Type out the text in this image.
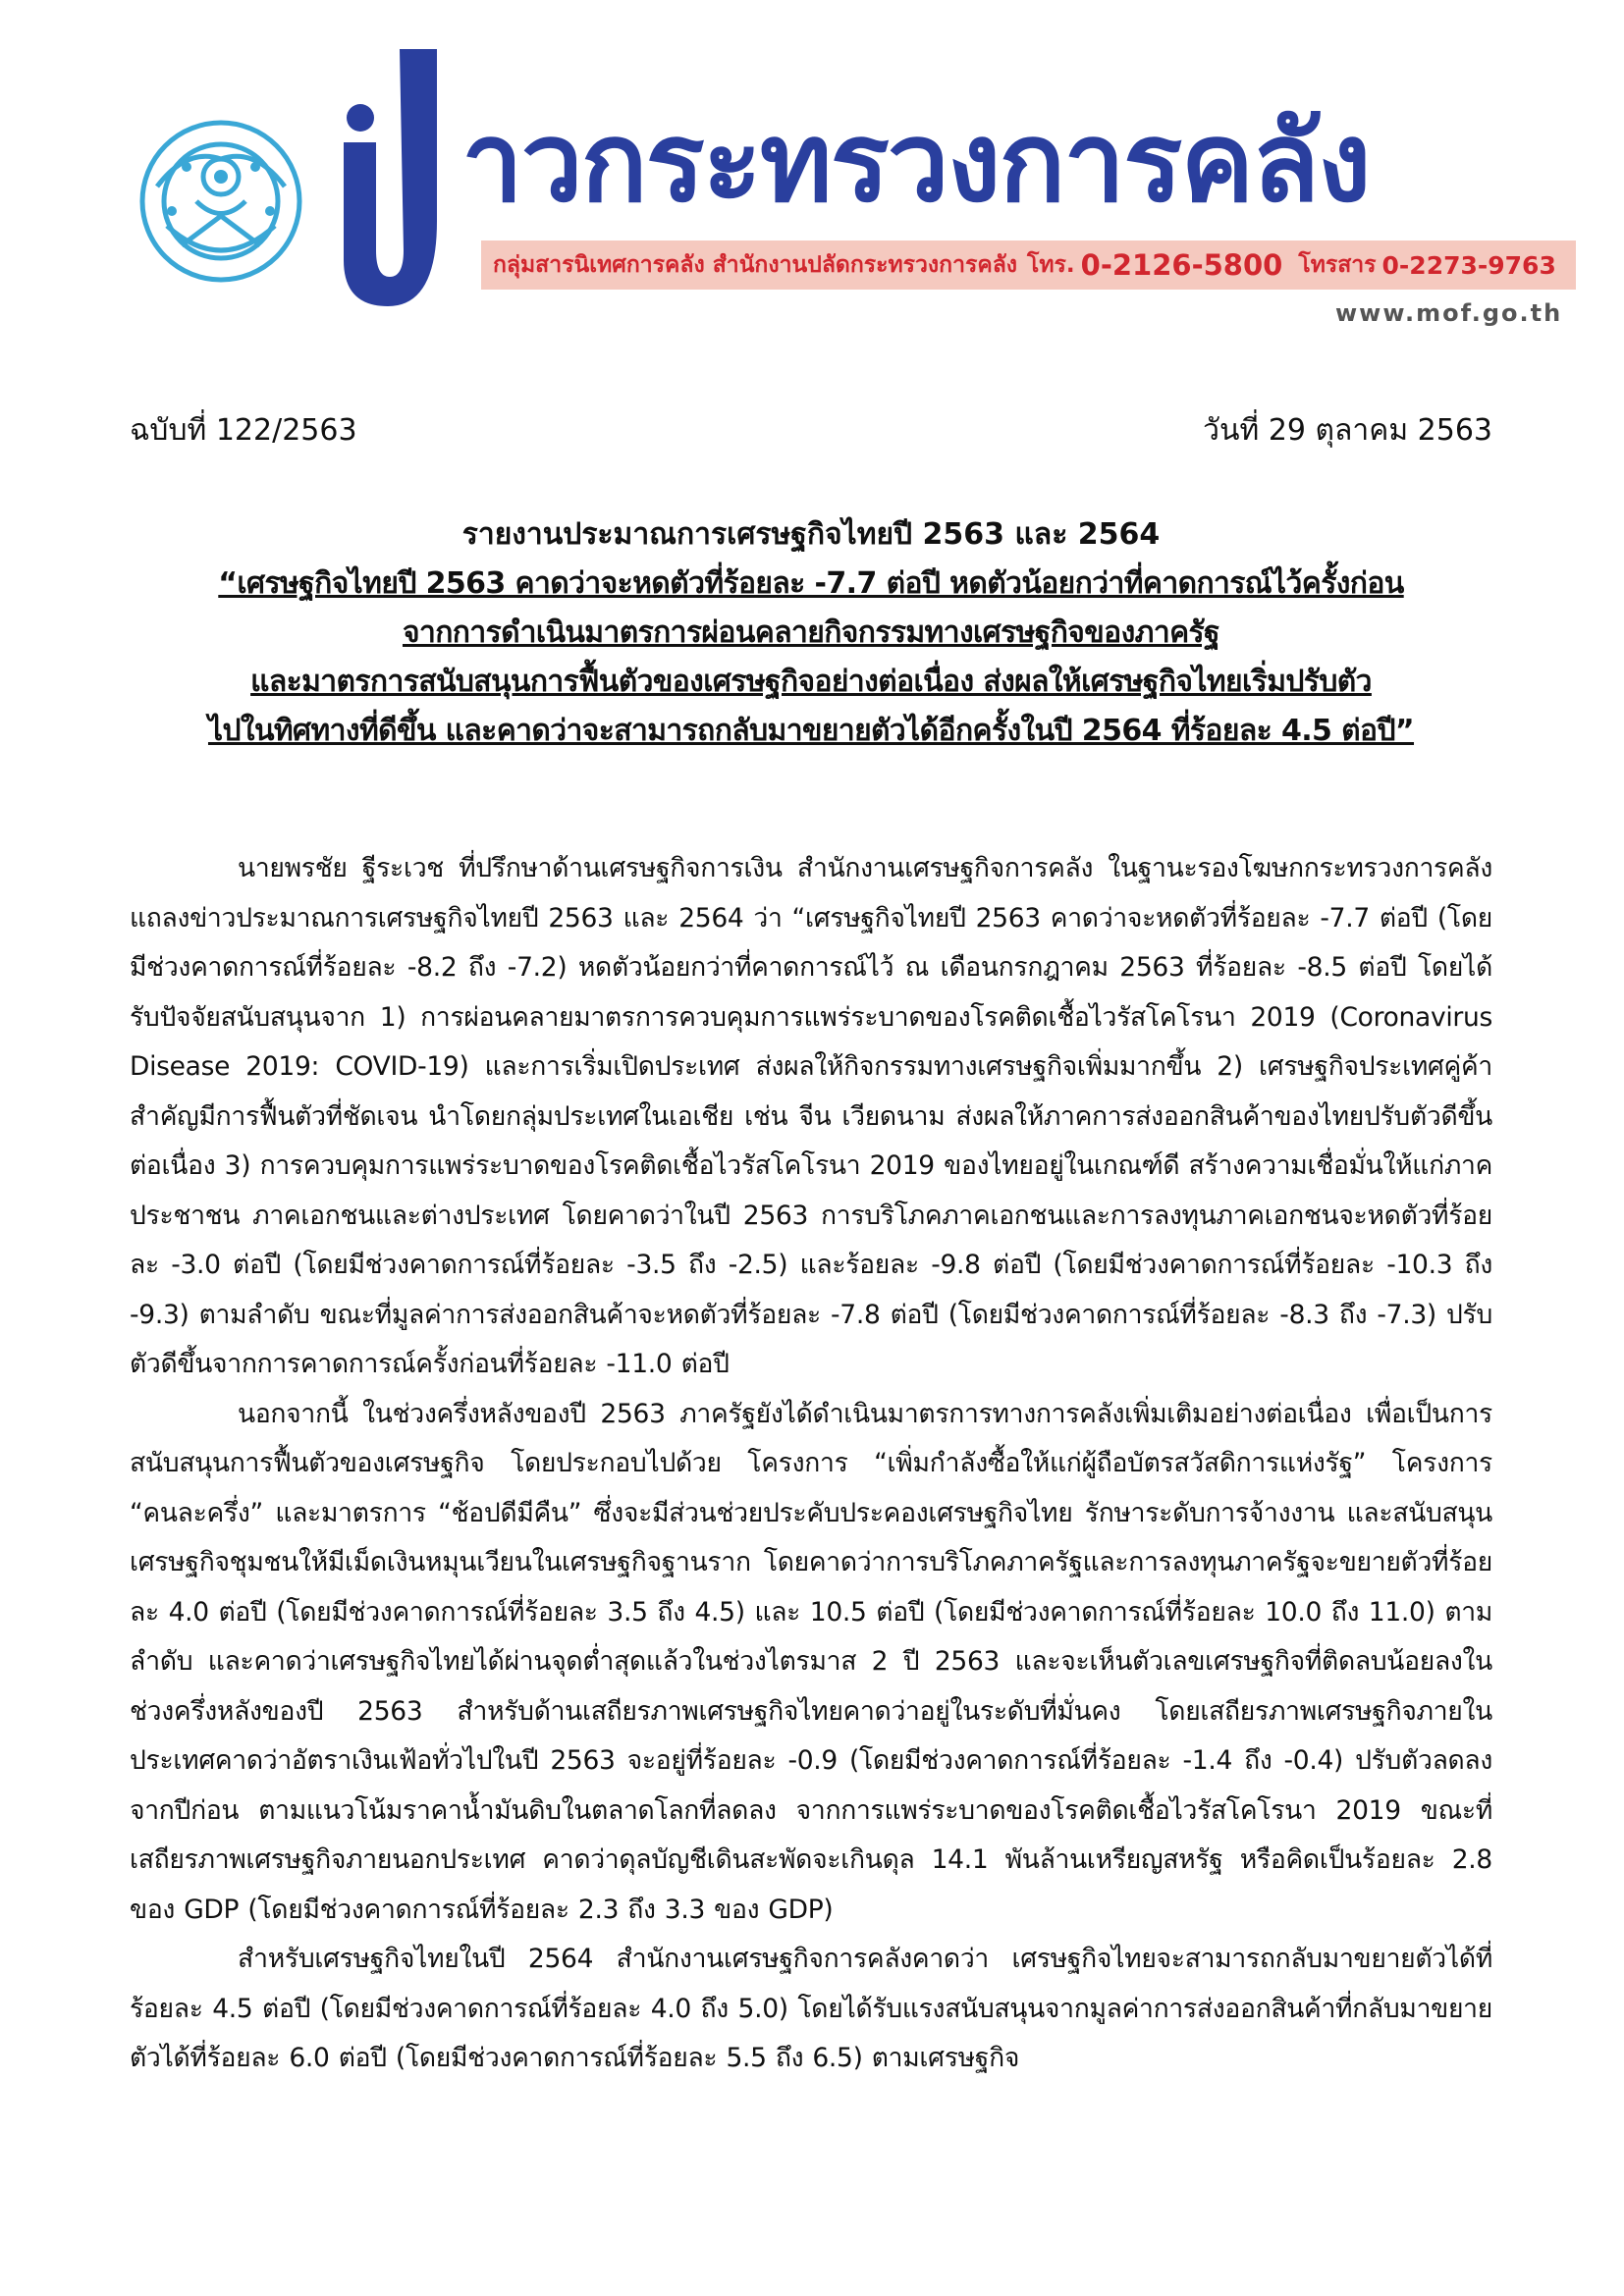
าวกระทรวงการคลัง
กลุ่มสารนิเทศการคลัง สำนักงานปลัดกระทรวงการคลัง โทร. 0-2126-5800 โทรสาร 0-2273-9763
www.mof.go.th
ฉบับที่ 122/2563	วันที่ 29 ตุลาคม 2563
รายงานประมาณการเศรษฐกิจไทยปี 2563 และ 2564
“เศรษฐกิจไทยปี 2563 คาดว่าจะหดตัวที่ร้อยละ -7.7 ต่อปี หดตัวน้อยกว่าที่คาดการณ์ไว้ครั้งก่อน
จากการดำเนินมาตรการผ่อนคลายกิจกรรมทางเศรษฐกิจของภาครัฐ
และมาตรการสนับสนุนการฟื้นตัวของเศรษฐกิจอย่างต่อเนื่อง ส่งผลให้เศรษฐกิจไทยเริ่มปรับตัว
ไปในทิศทางที่ดีขึ้น และคาดว่าจะสามารถกลับมาขยายตัวได้อีกครั้งในปี 2564 ที่ร้อยละ 4.5 ต่อปี”

นายพรชัย ฐีระเวช ที่ปรึกษาด้านเศรษฐกิจการเงิน สำนักงานเศรษฐกิจการคลัง ในฐานะรองโฆษกกระทรวงการคลัง แถลงข่าวประมาณการเศรษฐกิจไทยปี 2563 และ 2564 ว่า “เศรษฐกิจไทยปี 2563 คาดว่าจะหดตัวที่ร้อยละ -7.7 ต่อปี (โดยมีช่วงคาดการณ์ที่ร้อยละ -8.2 ถึง -7.2) หดตัวน้อยกว่าที่คาดการณ์ไว้ ณ เดือนกรกฎาคม 2563 ที่ร้อยละ -8.5 ต่อปี โดยได้รับปัจจัยสนับสนุนจาก 1) การผ่อนคลายมาตรการควบคุมการแพร่ระบาดของโรคติดเชื้อไวรัสโคโรนา 2019 (Coronavirus Disease 2019: COVID-19) และการเริ่มเปิดประเทศ ส่งผลให้กิจกรรมทางเศรษฐกิจเพิ่มมากขึ้น 2) เศรษฐกิจประเทศคู่ค้าสำคัญมีการฟื้นตัวที่ชัดเจน นำโดยกลุ่มประเทศในเอเชีย เช่น จีน เวียดนาม ส่งผลให้ภาคการส่งออกสินค้าของไทยปรับตัวดีขึ้นต่อเนื่อง 3) การควบคุมการแพร่ระบาดของโรคติดเชื้อไวรัสโคโรนา 2019 ของไทยอยู่ในเกณฑ์ดี สร้างความเชื่อมั่นให้แก่ภาคประชาชน ภาคเอกชนและต่างประเทศ โดยคาดว่าในปี 2563 การบริโภคภาคเอกชนและการลงทุนภาคเอกชนจะหดตัวที่ร้อยละ -3.0 ต่อปี (โดยมีช่วงคาดการณ์ที่ร้อยละ -3.5 ถึง -2.5) และร้อยละ -9.8 ต่อปี (โดยมีช่วงคาดการณ์ที่ร้อยละ -10.3 ถึง -9.3) ตามลำดับ ขณะที่มูลค่าการส่งออกสินค้าจะหดตัวที่ร้อยละ -7.8 ต่อปี (โดยมีช่วงคาดการณ์ที่ร้อยละ -8.3 ถึง -7.3) ปรับตัวดีขึ้นจากการคาดการณ์ครั้งก่อนที่ร้อยละ -11.0 ต่อปี

นอกจากนี้ ในช่วงครึ่งหลังของปี 2563 ภาครัฐยังได้ดำเนินมาตรการทางการคลังเพิ่มเติมอย่างต่อเนื่อง เพื่อเป็นการสนับสนุนการฟื้นตัวของเศรษฐกิจ โดยประกอบไปด้วย โครงการ “เพิ่มกำลังซื้อให้แก่ผู้ถือบัตรสวัสดิการแห่งรัฐ” โครงการ “คนละครึ่ง” และมาตรการ “ช้อปดีมีคืน” ซึ่งจะมีส่วนช่วยประคับประคองเศรษฐกิจไทย รักษาระดับการจ้างงาน และสนับสนุนเศรษฐกิจชุมชนให้มีเม็ดเงินหมุนเวียนในเศรษฐกิจฐานราก โดยคาดว่าการบริโภคภาครัฐและการลงทุนภาครัฐจะขยายตัวที่ร้อยละ 4.0 ต่อปี (โดยมีช่วงคาดการณ์ที่ร้อยละ 3.5 ถึง 4.5) และ 10.5 ต่อปี (โดยมีช่วงคาดการณ์ที่ร้อยละ 10.0 ถึง 11.0) ตามลำดับ และคาดว่าเศรษฐกิจไทยได้ผ่านจุดต่ำสุดแล้วในช่วงไตรมาส 2 ปี 2563 และจะเห็นตัวเลขเศรษฐกิจที่ติดลบน้อยลงในช่วงครึ่งหลังของปี 2563 สำหรับด้านเสถียรภาพเศรษฐกิจไทยคาดว่าอยู่ในระดับที่มั่นคง โดยเสถียรภาพเศรษฐกิจภายในประเทศคาดว่าอัตราเงินเฟ้อทั่วไปในปี 2563 จะอยู่ที่ร้อยละ -0.9 (โดยมีช่วงคาดการณ์ที่ร้อยละ -1.4 ถึง -0.4) ปรับตัวลดลงจากปีก่อน ตามแนวโน้มราคาน้ำมันดิบในตลาดโลกที่ลดลง จากการแพร่ระบาดของโรคติดเชื้อไวรัสโคโรนา 2019 ขณะที่เสถียรภาพเศรษฐกิจภายนอกประเทศ คาดว่าดุลบัญชีเดินสะพัดจะเกินดุล 14.1 พันล้านเหรียญสหรัฐ หรือคิดเป็นร้อยละ 2.8 ของ GDP (โดยมีช่วงคาดการณ์ที่ร้อยละ 2.3 ถึง 3.3 ของ GDP)

สำหรับเศรษฐกิจไทยในปี 2564 สำนักงานเศรษฐกิจการคลังคาดว่า เศรษฐกิจไทยจะสามารถกลับมาขยายตัวได้ที่ร้อยละ 4.5 ต่อปี (โดยมีช่วงคาดการณ์ที่ร้อยละ 4.0 ถึง 5.0) โดยได้รับแรงสนับสนุนจากมูลค่าการส่งออกสินค้าที่กลับมาขยายตัวได้ที่ร้อยละ 6.0 ต่อปี (โดยมีช่วงคาดการณ์ที่ร้อยละ 5.5 ถึง 6.5) ตามเศรษฐกิจ
